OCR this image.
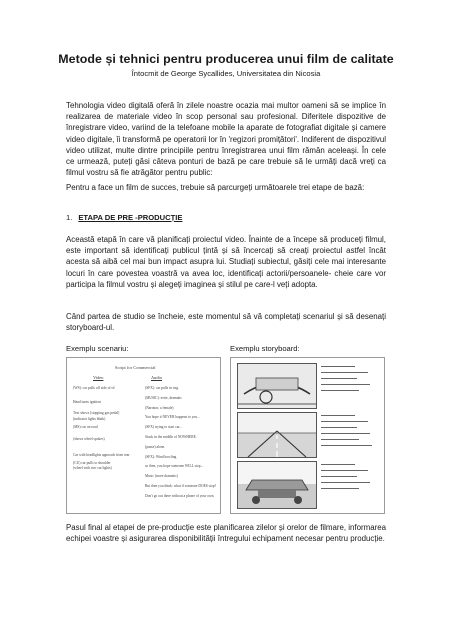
Metode și tehnici pentru producerea unui film de calitate
Întocmit de George Sycallides, Universitatea din Nicosia

Tehnologia video digitală oferă în zilele noastre ocazia mai multor oameni să se implice în realizarea de materiale video în scop personal sau profesional. Diferitele dispozitive de înregistrare video, variind de la telefoane mobile la aparate de fotografiat digitale și camere video digitale, îi transformă pe operatorii lor în 'regizori promițători'. Indiferent de dispozitivul video utilizat, multe dintre principiile pentru înregistrarea unui film rămân aceleași. În cele ce urmează, puteți găsi câteva ponturi de bază pe care trebuie să le urmăți dacă vreți ca filmul vostru să fie atrăgător pentru public:

Pentru a face un film de succes, trebuie să parcurgeți următoarele trei etape de bază:

1. ETAPA DE PRE -PRODUCȚIE

Această etapă în care vă planificați proiectul video. Înainte de a începe să produceți filmul, este important să identificați publicul țintă și să încercați să creați proiectul astfel încât acesta să aibă cel mai bun impact asupra lui. Studiați subiectul, găsiți cele mai interesante locuri în care povestea voastră va avea loc, identificați actorii/persoanele- cheie care vor participa la filmul vostru și alegeți imaginea și stilul pe care-l veți adopta.

Când partea de studio se încheie, este momentul să vă completați scenariul și să desenați storyboard-ul.

Exemplu scenariu:	Exemplu storyboard:
Script for Commercial
Video	Audio
(WS): car pulls off side of rd
Hand turns ignition
Text shows [stopping gas pedal]
(indicator lights blink)
(MS) car on road
(shows wheel spokes)
Car with headlights approach from rear
(CU) car pulls to shoulder
(wheel with two car lights)
(SFX): car pulls in rrrg.
(MUSIC): eerie, dramatic
(Narrator, a female)
You hope it NEVER happens to you...
(SFX) trying to start car...
Stuck in the middle of NOWHERE.
(pause) alone.
(SFX): Wind howling
so then, you hope someone WILL stop...
Music (more dramatic)
But then you think: what if someone DOES stop?
Don't go out there without a phone of your own.

Pasul final al etapei de pre-producție este planificarea zilelor și orelor de filmare, informarea echipei voastre și asigurarea disponibilității întregului echipament necesar pentru producție.
